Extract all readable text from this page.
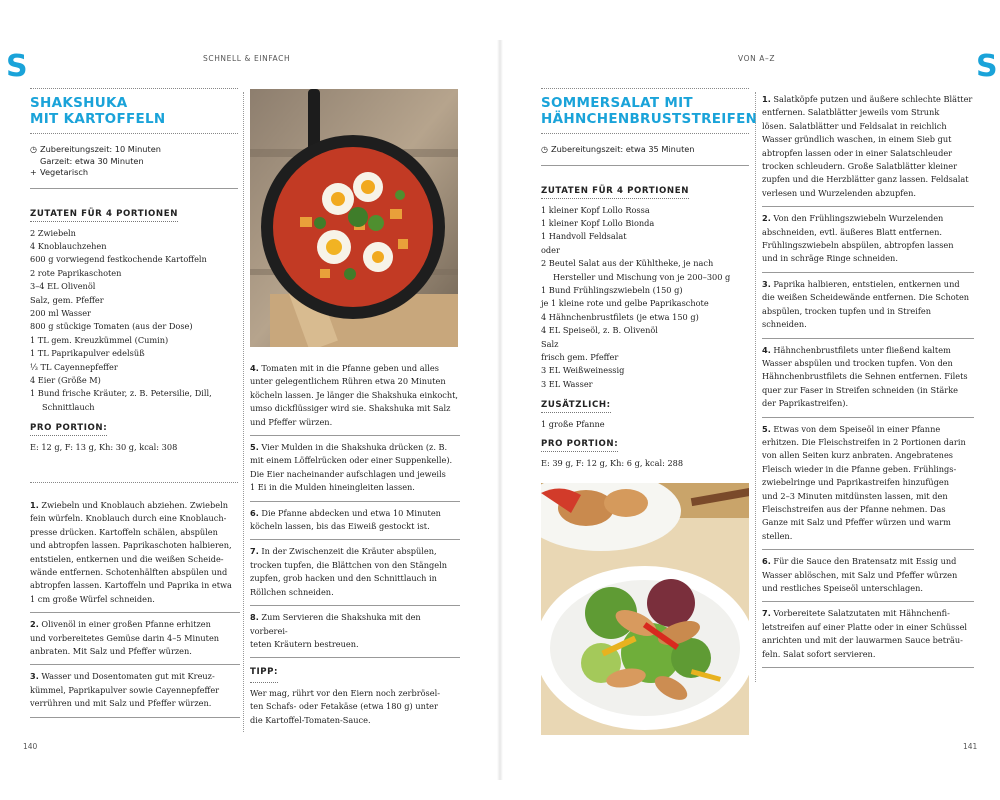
S	SCHNELL & EINFACH
140
SHAKSHUKA
MIT KARTOFFELN
◷ Zubereitungszeit: 10 Minuten
Garzeit: etwa 30 Minuten
+ Vegetarisch
ZUTATEN FÜR 4 PORTIONEN
2 Zwiebeln
4 Knoblauchzehen
600 g vorwiegend festkochende Kartoffeln
2 rote Paprikaschoten
3–4 EL Olivenöl
Salz, gem. Pfeffer
200 ml Wasser
800 g stückige Tomaten (aus der Dose)
1 TL gem. Kreuzkümmel (Cumin)
1 TL Paprikapulver edelsüß
⅓ TL Cayennepfeffer
4 Eier (Größe M)
1 Bund frische Kräuter, z. B. Petersilie, Dill,
Schnittlauch
PRO PORTION:
E: 12 g, F: 13 g, Kh: 30 g, kcal: 308
1. Zwiebeln und Knoblauch abziehen. Zwiebeln
fein würfeln. Knoblauch durch eine Knoblauch-
presse drücken. Kartoffeln schälen, abspülen
und abtropfen lassen. Paprikaschoten halbieren,
entstielen, entkernen und die weißen Scheide-
wände entfernen. Schotenhälften abspülen und
abtropfen lassen. Kartoffeln und Paprika in etwa
1 cm große Würfel schneiden.
2. Olivenöl in einer großen Pfanne erhitzen
und vorbereitetes Gemüse darin 4–5 Minuten
anbraten. Mit Salz und Pfeffer würzen.
3. Wasser und Dosentomaten gut mit Kreuz-
kümmel, Paprikapulver sowie Cayennepfeffer
verrühren und mit Salz und Pfeffer würzen.
4. Tomaten mit in die Pfanne geben und alles
unter gelegentlichem Rühren etwa 20 Minuten
köcheln lassen. Je länger die Shakshuka einkocht,
umso dickflüssiger wird sie. Shakshuka mit Salz
und Pfeffer würzen.
5. Vier Mulden in die Shakshuka drücken (z. B.
mit einem Löffelrücken oder einer Suppenkelle).
Die Eier nacheinander aufschlagen und jeweils
1 Ei in die Mulden hineingleiten lassen.
6. Die Pfanne abdecken und etwa 10 Minuten
köcheln lassen, bis das Eiweiß gestockt ist.
7. In der Zwischenzeit die Kräuter abspülen,
trocken tupfen, die Blättchen von den Stängeln
zupfen, grob hacken und den Schnittlauch in
Röllchen schneiden.
8. Zum Servieren die Shakshuka mit den vorberei-
teten Kräutern bestreuen.
TIPP:
Wer mag, rührt vor den Eiern noch zerbrösel-
ten Schafs- oder Fetakäse (etwa 180 g) unter
die Kartoffel-Tomaten-Sauce.
VON A–Z	S
141
SOMMERSALAT MIT
HÄHNCHENBRUSTSTREIFEN
◷ Zubereitungszeit: etwa 35 Minuten
ZUTATEN FÜR 4 PORTIONEN
1 kleiner Kopf Lollo Rossa
1 kleiner Kopf Lollo Bionda
1 Handvoll Feldsalat
oder
2 Beutel Salat aus der Kühltheke, je nach
Hersteller und Mischung von je 200–300 g
1 Bund Frühlingszwiebeln (150 g)
je 1 kleine rote und gelbe Paprikaschote
4 Hähnchenbrustfilets (je etwa 150 g)
4 EL Speiseöl, z. B. Olivenöl
Salz
frisch gem. Pfeffer
3 EL Weißweinessig
3 EL Wasser
ZUSÄTZLICH:
1 große Pfanne
PRO PORTION:
E: 39 g, F: 12 g, Kh: 6 g, kcal: 288
1. Salatköpfe putzen und äußere schlechte Blätter
entfernen. Salatblätter jeweils vom Strunk
lösen. Salatblätter und Feldsalat in reichlich
Wasser gründlich waschen, in einem Sieb gut
abtropfen lassen oder in einer Salatschleuder
trocken schleudern. Große Salatblätter kleiner
zupfen und die Herzblätter ganz lassen. Feldsalat
verlesen und Wurzelenden abzupfen.
2. Von den Frühlingszwiebeln Wurzelenden
abschneiden, evtl. äußeres Blatt entfernen.
Frühlingszwiebeln abspülen, abtropfen lassen
und in schräge Ringe schneiden.
3. Paprika halbieren, entstielen, entkernen und
die weißen Scheidewände entfernen. Die Schoten
abspülen, trocken tupfen und in Streifen
schneiden.
4. Hähnchenbrustfilets unter fließend kaltem
Wasser abspülen und trocken tupfen. Von den
Hähnchenbrustfilets die Sehnen entfernen. Filets
quer zur Faser in Streifen schneiden (in Stärke
der Paprikastreifen).
5. Etwas von dem Speiseöl in einer Pfanne
erhitzen. Die Fleischstreifen in 2 Portionen darin
von allen Seiten kurz anbraten. Angebratenes
Fleisch wieder in die Pfanne geben. Frühlings-
zwiebelringe und Paprikastreifen hinzufügen
und 2–3 Minuten mitdünsten lassen, mit den
Fleischstreifen aus der Pfanne nehmen. Das
Ganze mit Salz und Pfeffer würzen und warm
stellen.
6. Für die Sauce den Bratensatz mit Essig und
Wasser ablöschen, mit Salz und Pfeffer würzen
und restliches Speiseöl unterschlagen.
7. Vorbereitete Salatzutaten mit Hähnchenfi-
letstreifen auf einer Platte oder in einer Schüssel
anrichten und mit der lauwarmen Sauce beträu-
feln. Salat sofort servieren.
